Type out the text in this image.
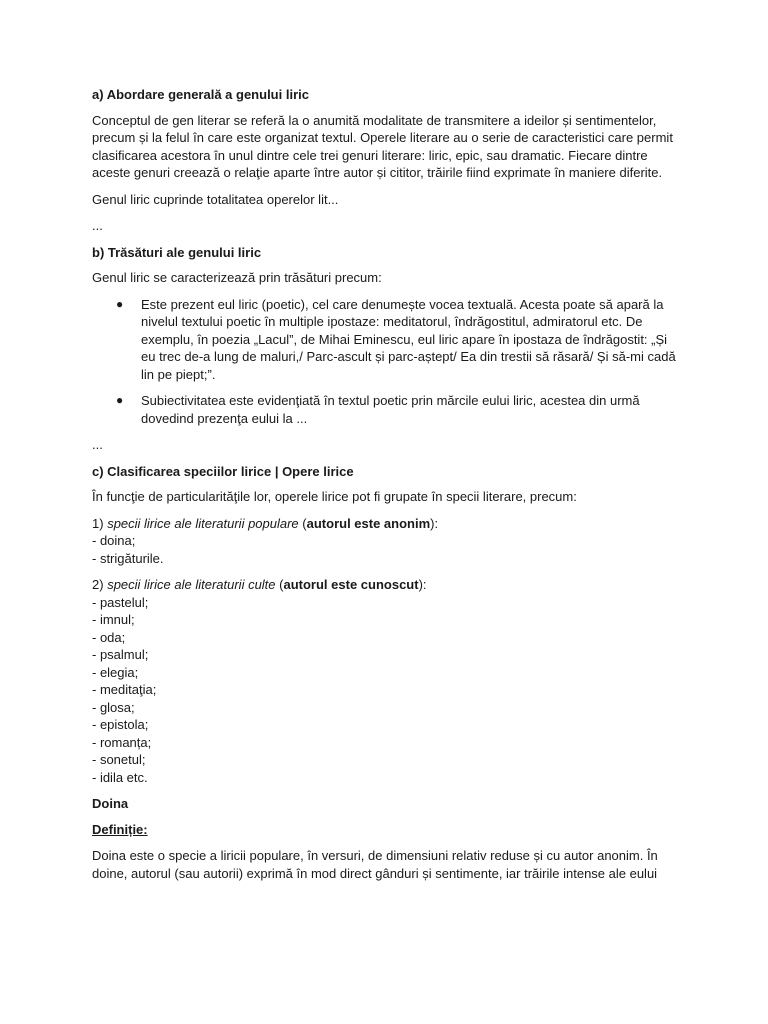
a) Abordare generală a genului liric

Conceptul de gen literar se referă la o anumită modalitate de transmitere a ideilor și sentimentelor, precum și la felul în care este organizat textul. Operele literare au o serie de caracteristici care permit clasificarea acestora în unul dintre cele trei genuri literare: liric, epic, sau dramatic. Fiecare dintre aceste genuri creează o relaţie aparte între autor și cititor, trăirile fiind exprimate în maniere diferite.

Genul liric cuprinde totalitatea operelor lit...

...

b) Trăsături ale genului liric

Genul liric se caracterizează prin trăsături precum:

● Este prezent eul liric (poetic), cel care denumește vocea textuală. Acesta poate să apară la nivelul textului poetic în multiple ipostaze: meditatorul, îndrăgostitul, admiratorul etc. De exemplu, în poezia „Lacul”, de Mihai Eminescu, eul liric apare în ipostaza de îndrăgostit: „Și eu trec de-a lung de maluri,/ Parc-ascult și parc-aștept/ Ea din trestii să răsară/ Și să-mi cadă lin pe piept;”.
● Subiectivitatea este evidenţiată în textul poetic prin mărcile eului liric, acestea din urmă dovedind prezenţa eului la ...

...

c) Clasificarea speciilor lirice | Opere lirice

În funcţie de particularităţile lor, operele lirice pot fi grupate în specii literare, precum:

1) specii lirice ale literaturii populare (autorul este anonim):
- doina;
- strigăturile.
2) specii lirice ale literaturii culte (autorul este cunoscut):
- pastelul;
- imnul;
- oda;
- psalmul;
- elegia;
- meditaţia;
- glosa;
- epistola;
- romanța;
- sonetul;
- idila etc.

Doina

Definiție:

Doina este o specie a liricii populare, în versuri, de dimensiuni relativ reduse și cu autor anonim. În doine, autorul (sau autorii) exprimă în mod direct gânduri și sentimente, iar trăirile intense ale eului
